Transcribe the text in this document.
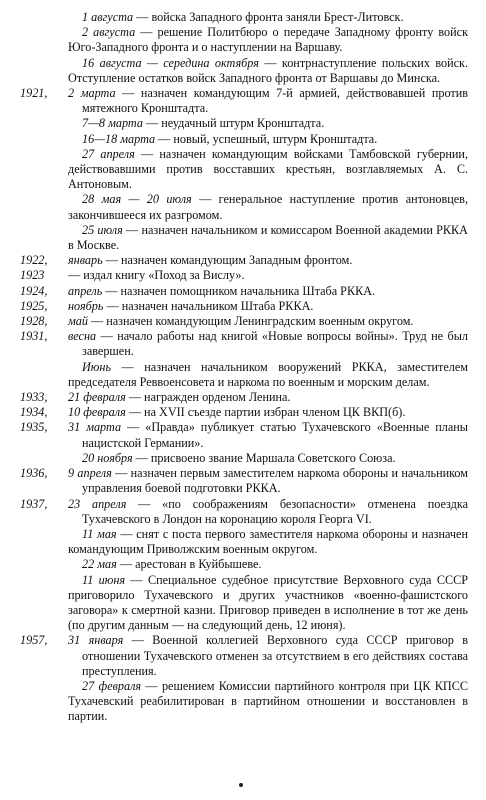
1 августа — войска Западного фронта заняли Брест-Литовск.

2 августа — решение Политбюро о передаче Западному фронту войск Юго-Западного фронта и о наступлении на Варшаву.

16 августа — середина октября — контрнаступление польских войск. Отступление остатков войск Западного фронта от Варшавы до Минска.

1921,	2 марта — назначен командующим 7-й армией, действовавшей против мятежного Кронштадта.

7—8 марта — неудачный штурм Кронштадта.

16—18 марта — новый, успешный, штурм Кронштадта.

27 апреля — назначен командующим войсками Тамбовской губернии, действовавшими против восставших крестьян, возглавляемых А. С. Антоновым.

28 мая — 20 июля — генеральное наступление против антоновцев, закончившееся их разгромом.

25 июля — назначен начальником и комиссаром Военной академии РККА в Москве.

1922,	январь — назначен командующим Западным фронтом.

1923	— издал книгу «Поход за Вислу».

1924,	апрель — назначен помощником начальника Штаба РККА.

1925,	ноябрь — назначен начальником Штаба РККА.

1928,	май — назначен командующим Ленинградским военным округом.

1931,	весна — начало работы над книгой «Новые вопросы войны». Труд не был завершен.

Июнь — назначен начальником вооружений РККА, заместителем председателя Реввоенсовета и наркома по военным и морским делам.

1933,	21 февраля — награжден орденом Ленина.

1934,	10 февраля — на XVII съезде партии избран членом ЦК ВКП(б).

1935,	31 марта — «Правда» публикует статью Тухачевского «Военные планы нацистской Германии».

20 ноября — присвоено звание Маршала Советского Союза.

1936,	9 апреля — назначен первым заместителем наркома обороны и начальником управления боевой подготовки РККА.

1937,	23 апреля — «по соображениям безопасности» отменена поездка Тухачевского в Лондон на коронацию короля Георга VI.

11 мая — снят с поста первого заместителя наркома обороны и назначен командующим Приволжским военным округом.

22 мая — арестован в Куйбышеве.

11 июня — Специальное судебное присутствие Верховного суда СССР приговорило Тухачевского и других участников «военно-фашистского заговора» к смертной казни. Приговор приведен в исполнение в тот же день (по другим данным — на следующий день, 12 июня).

1957,	31 января — Военной коллегией Верховного суда СССР приговор в отношении Тухачевского отменен за отсутствием в его действиях состава преступления.

27 февраля — решением Комиссии партийного контроля при ЦК КПСС Тухачевский реабилитирован в партийном отношении и восстановлен в партии.
